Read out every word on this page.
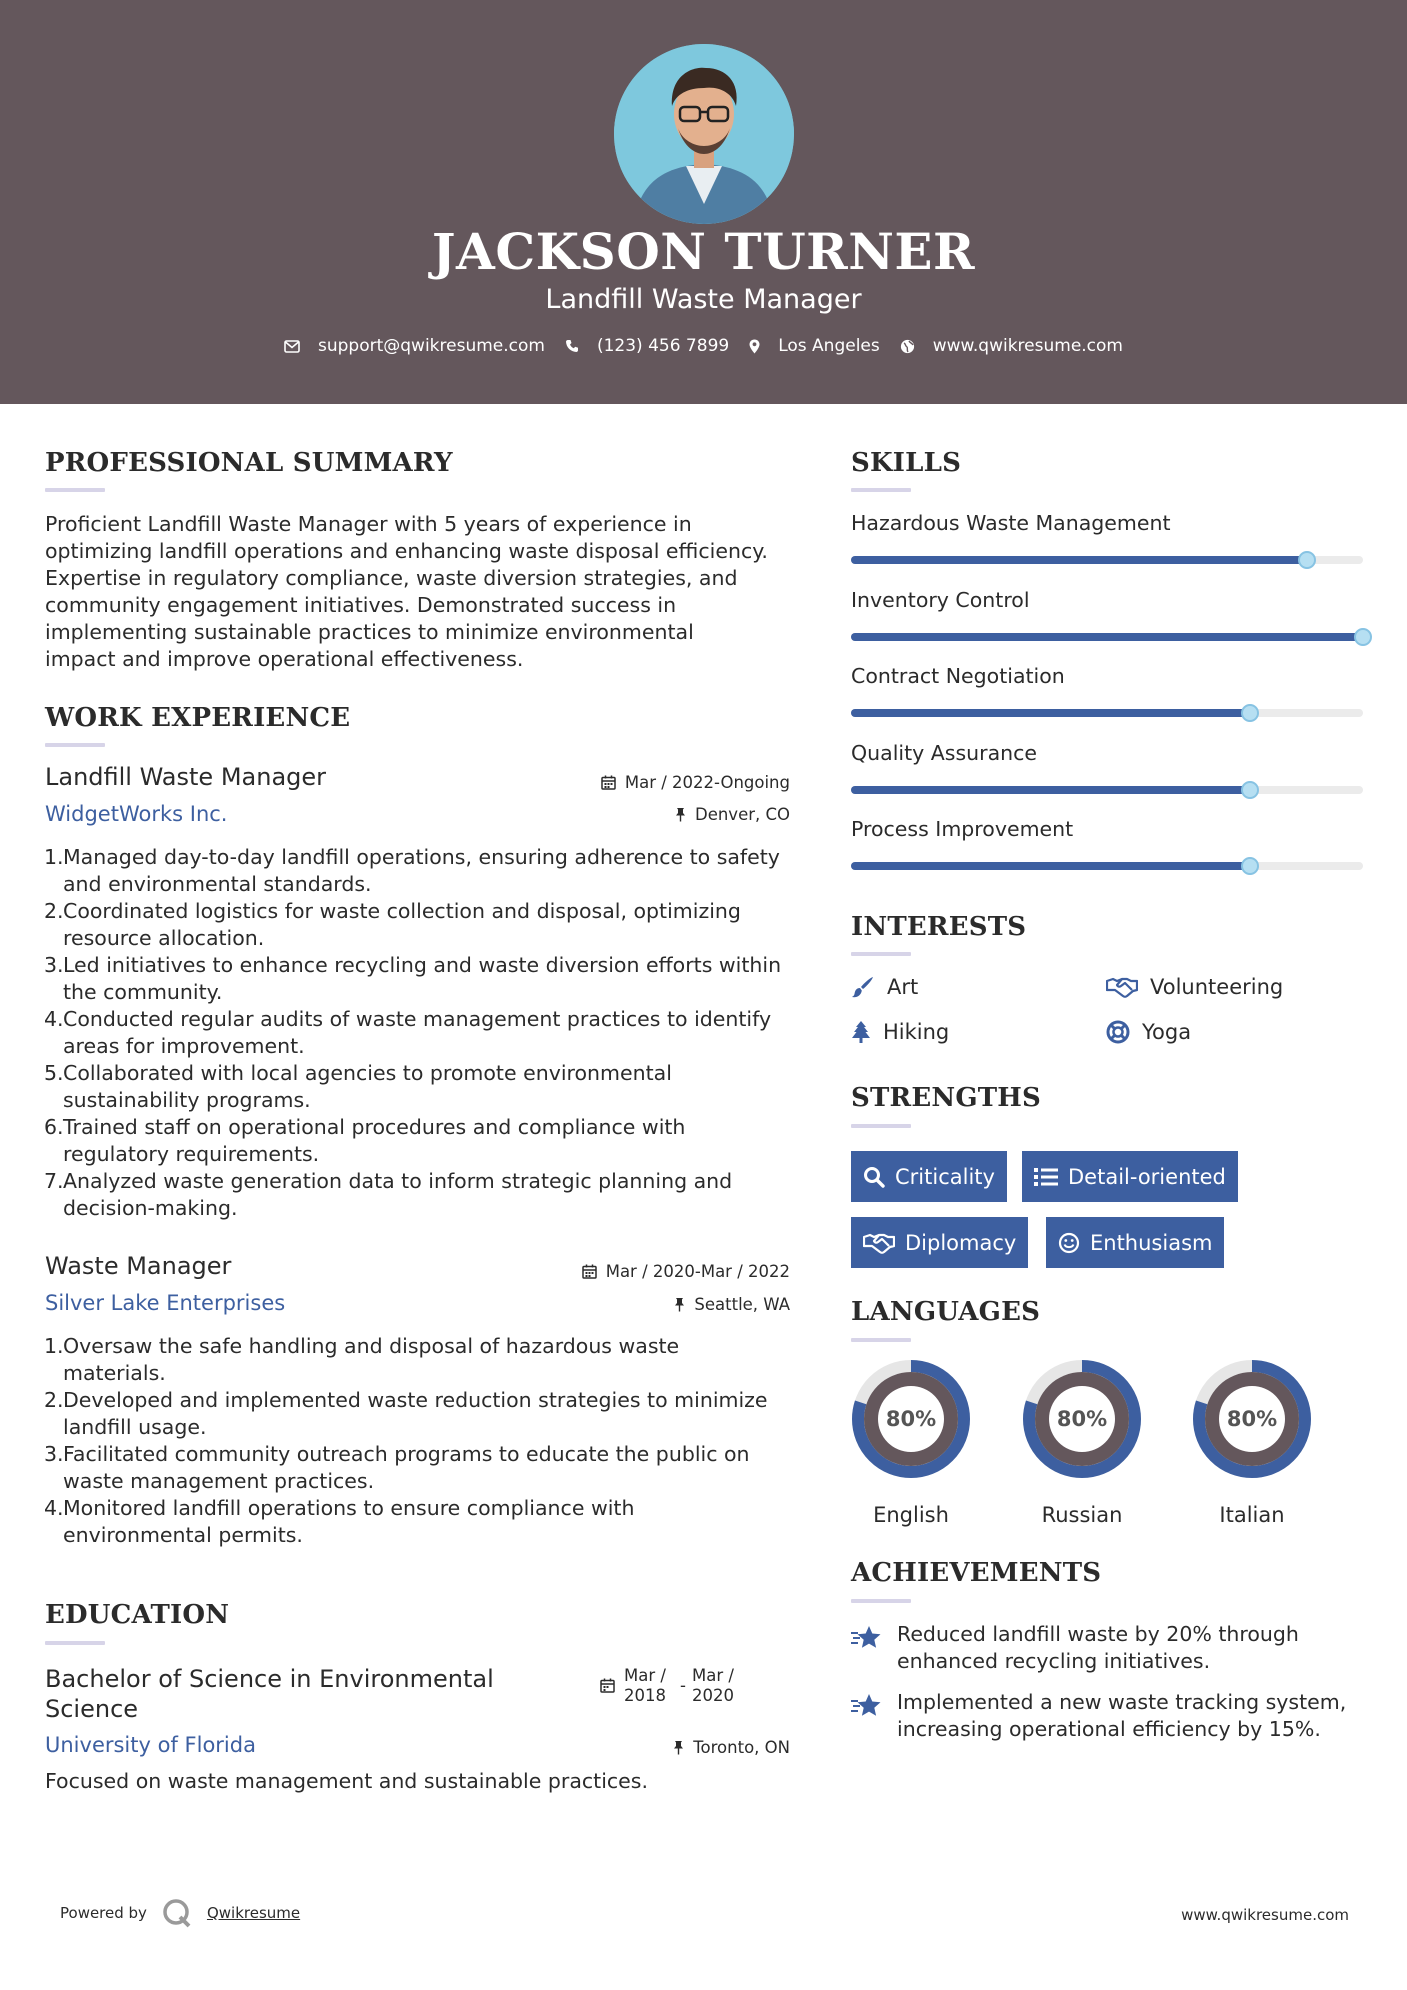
JACKSON TURNER
Landfill Waste Manager
support@qwikresume.com	(123) 456 7899	Los Angeles	www.qwikresume.com
PROFESSIONAL SUMMARY
Proficient Landfill Waste Manager with 5 years of experience in
optimizing landfill operations and enhancing waste disposal efficiency.
Expertise in regulatory compliance, waste diversion strategies, and
community engagement initiatives. Demonstrated success in
implementing sustainable practices to minimize environmental
impact and improve operational effectiveness.
WORK EXPERIENCE
Landfill Waste Manager	Mar / 2022-Ongoing
WidgetWorks Inc.	Denver, CO
1. Managed day-to-day landfill operations, ensuring adherence to safety
and environmental standards.
2. Coordinated logistics for waste collection and disposal, optimizing
resource allocation.
3. Led initiatives to enhance recycling and waste diversion efforts within
the community.
4. Conducted regular audits of waste management practices to identify
areas for improvement.
5. Collaborated with local agencies to promote environmental
sustainability programs.
6. Trained staff on operational procedures and compliance with
regulatory requirements.
7. Analyzed waste generation data to inform strategic planning and
decision-making.
Waste Manager	Mar / 2020-Mar / 2022
Silver Lake Enterprises	Seattle, WA
1. Oversaw the safe handling and disposal of hazardous waste
materials.
2. Developed and implemented waste reduction strategies to minimize
landfill usage.
3. Facilitated community outreach programs to educate the public on
waste management practices.
4. Monitored landfill operations to ensure compliance with
environmental permits.
EDUCATION
Bachelor of Science in Environmental
Science
Mar /
2018
-
Mar /
2020
University of Florida	Toronto, ON
Focused on waste management and sustainable practices.
SKILLS
Hazardous Waste Management
Inventory Control
Contract Negotiation
Quality Assurance
Process Improvement
INTERESTS
Art	Volunteering
Hiking	Yoga
STRENGTHS
Criticality	Detail-oriented
Diplomacy	Enthusiasm
LANGUAGES
80%
English
80%
Russian
80%
Italian
ACHIEVEMENTS
Reduced landfill waste by 20% through
enhanced recycling initiatives.
Implemented a new waste tracking system,
increasing operational efficiency by 15%.
Powered by	Qwikresume	www.qwikresume.com
